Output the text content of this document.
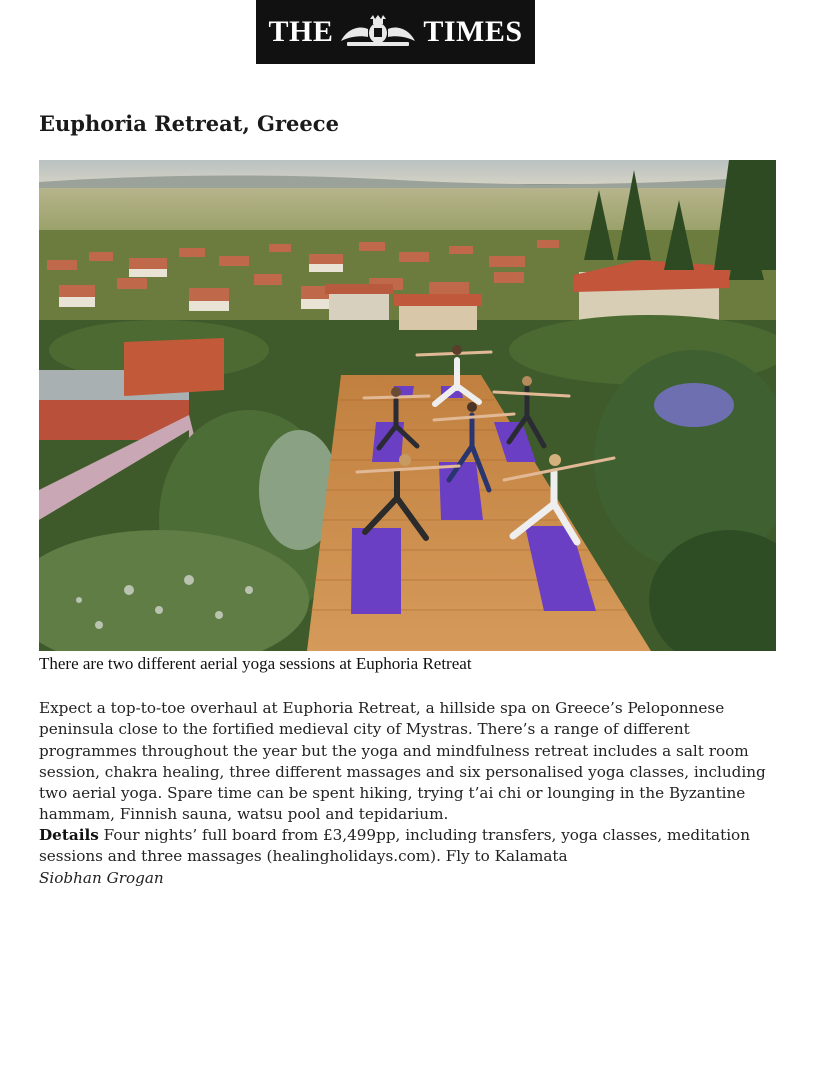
THE	TIMES
Euphoria Retreat, Greece

There are two different aerial yoga sessions at Euphoria Retreat

Expect a top-to-toe overhaul at Euphoria Retreat, a hillside spa on Greece’s Peloponnese peninsula close to the fortified medieval city of Mystras. There’s a range of different programmes throughout the year but the yoga and mindfulness retreat includes a salt room session, chakra healing, three different massages and six personalised yoga classes, including two aerial yoga. Spare time can be spent hiking, trying t’ai chi or lounging in the Byzantine hammam, Finnish sauna, watsu pool and tepidarium.

Details Four nights’ full board from £3,499pp, including transfers, yoga classes, meditation sessions and three massages (healingholidays.com). Fly to Kalamata

Siobhan Grogan
